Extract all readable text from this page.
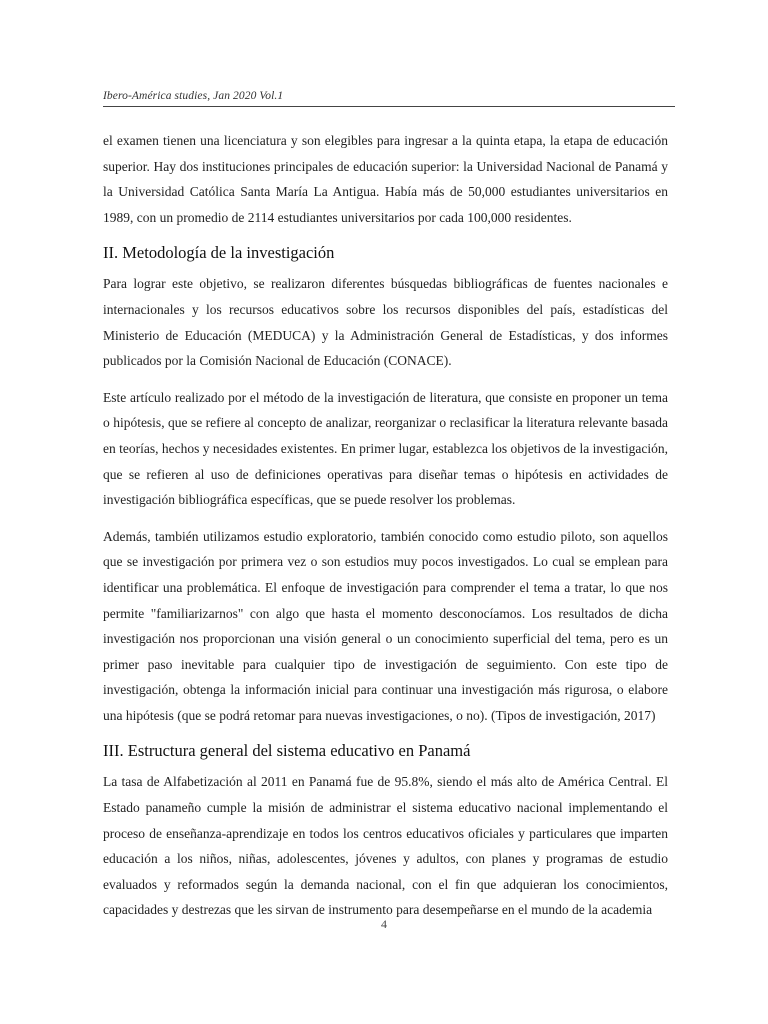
Ibero-América studies, Jan 2020 Vol.1

el examen tienen una licenciatura y son elegibles para ingresar a la quinta etapa, la etapa de educación superior. Hay dos instituciones principales de educación superior: la Universidad Nacional de Panamá y la Universidad Católica Santa María La Antigua. Había más de 50,000 estudiantes universitarios en 1989, con un promedio de 2114 estudiantes universitarios por cada 100,000 residentes.

II. Metodología de la investigación

Para lograr este objetivo, se realizaron diferentes búsquedas bibliográficas de fuentes nacionales e internacionales y los recursos educativos sobre los recursos disponibles del país, estadísticas del Ministerio de Educación (MEDUCA) y la Administración General de Estadísticas, y dos informes publicados por la Comisión Nacional de Educación (CONACE).

Este artículo realizado por el método de la investigación de literatura, que consiste en proponer un tema o hipótesis, que se refiere al concepto de analizar, reorganizar o reclasificar la literatura relevante basada en teorías, hechos y necesidades existentes. En primer lugar, establezca los objetivos de la investigación, que se refieren al uso de definiciones operativas para diseñar temas o hipótesis en actividades de investigación bibliográfica específicas, que se puede resolver los problemas.

Además, también utilizamos estudio exploratorio, también conocido como estudio piloto, son aquellos que se investigación por primera vez o son estudios muy pocos investigados. Lo cual se emplean para identificar una problemática. El enfoque de investigación para comprender el tema a tratar, lo que nos permite "familiarizarnos" con algo que hasta el momento desconocíamos. Los resultados de dicha investigación nos proporcionan una visión general o un conocimiento superficial del tema, pero es un primer paso inevitable para cualquier tipo de investigación de seguimiento. Con este tipo de investigación, obtenga la información inicial para continuar una investigación más rigurosa, o elabore una hipótesis (que se podrá retomar para nuevas investigaciones, o no). (Tipos de investigación, 2017)

III. Estructura general del sistema educativo en Panamá

La tasa de Alfabetización al 2011 en Panamá fue de 95.8%, siendo el más alto de América Central. El Estado panameño cumple la misión de administrar el sistema educativo nacional implementando el proceso de enseñanza-aprendizaje en todos los centros educativos oficiales y particulares que imparten educación a los niños, niñas, adolescentes, jóvenes y adultos, con planes y programas de estudio evaluados y reformados según la demanda nacional, con el fin que adquieran los conocimientos, capacidades y destrezas que les sirvan de instrumento para desempeñarse en el mundo de la academia

4
